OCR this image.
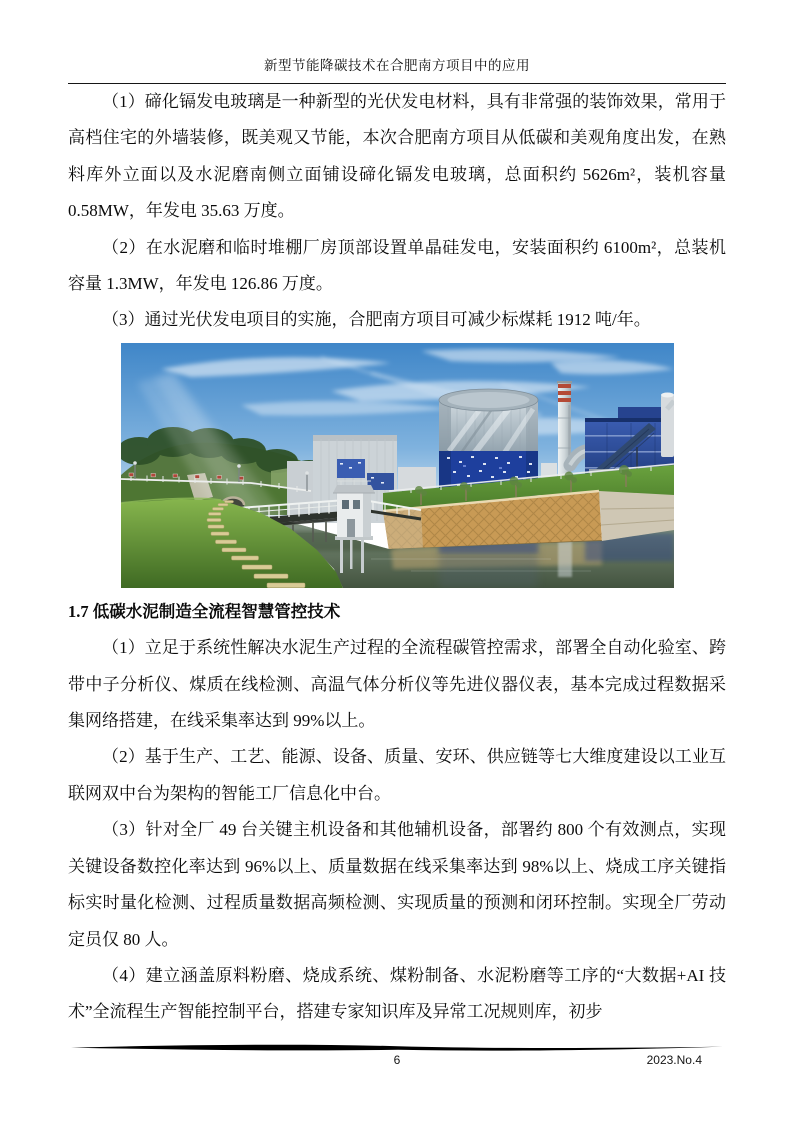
新型节能降碳技术在合肥南方项目中的应用

（1）碲化镉发电玻璃是一种新型的光伏发电材料，具有非常强的装饰效果，常用于高档住宅的外墙装修，既美观又节能，本次合肥南方项目从低碳和美观角度出发，在熟料库外立面以及水泥磨南侧立面铺设碲化镉发电玻璃，总面积约 5626m²，装机容量 0.58MW，年发电 35.63 万度。

（2）在水泥磨和临时堆棚厂房顶部设置单晶硅发电，安装面积约 6100m²，总装机容量 1.3MW，年发电 126.86 万度。

（3）通过光伏发电项目的实施，合肥南方项目可减少标煤耗 1912 吨/年。

1.7 低碳水泥制造全流程智慧管控技术

（1）立足于系统性解决水泥生产过程的全流程碳管控需求，部署全自动化验室、跨带中子分析仪、煤质在线检测、高温气体分析仪等先进仪器仪表，基本完成过程数据采集网络搭建，在线采集率达到 99%以上。

（2）基于生产、工艺、能源、设备、质量、安环、供应链等七大维度建设以工业互联网双中台为架构的智能工厂信息化中台。

（3）针对全厂 49 台关键主机设备和其他辅机设备，部署约 800 个有效测点，实现关键设备数控化率达到 96%以上、质量数据在线采集率达到 98%以上、烧成工序关键指标实时量化检测、过程质量数据高频检测、实现质量的预测和闭环控制。实现全厂劳动定员仅 80 人。

（4）建立涵盖原料粉磨、烧成系统、煤粉制备、水泥粉磨等工序的“大数据+AI 技术”全流程生产智能控制平台，搭建专家知识库及异常工况规则库，初步

6	2023.No.4
